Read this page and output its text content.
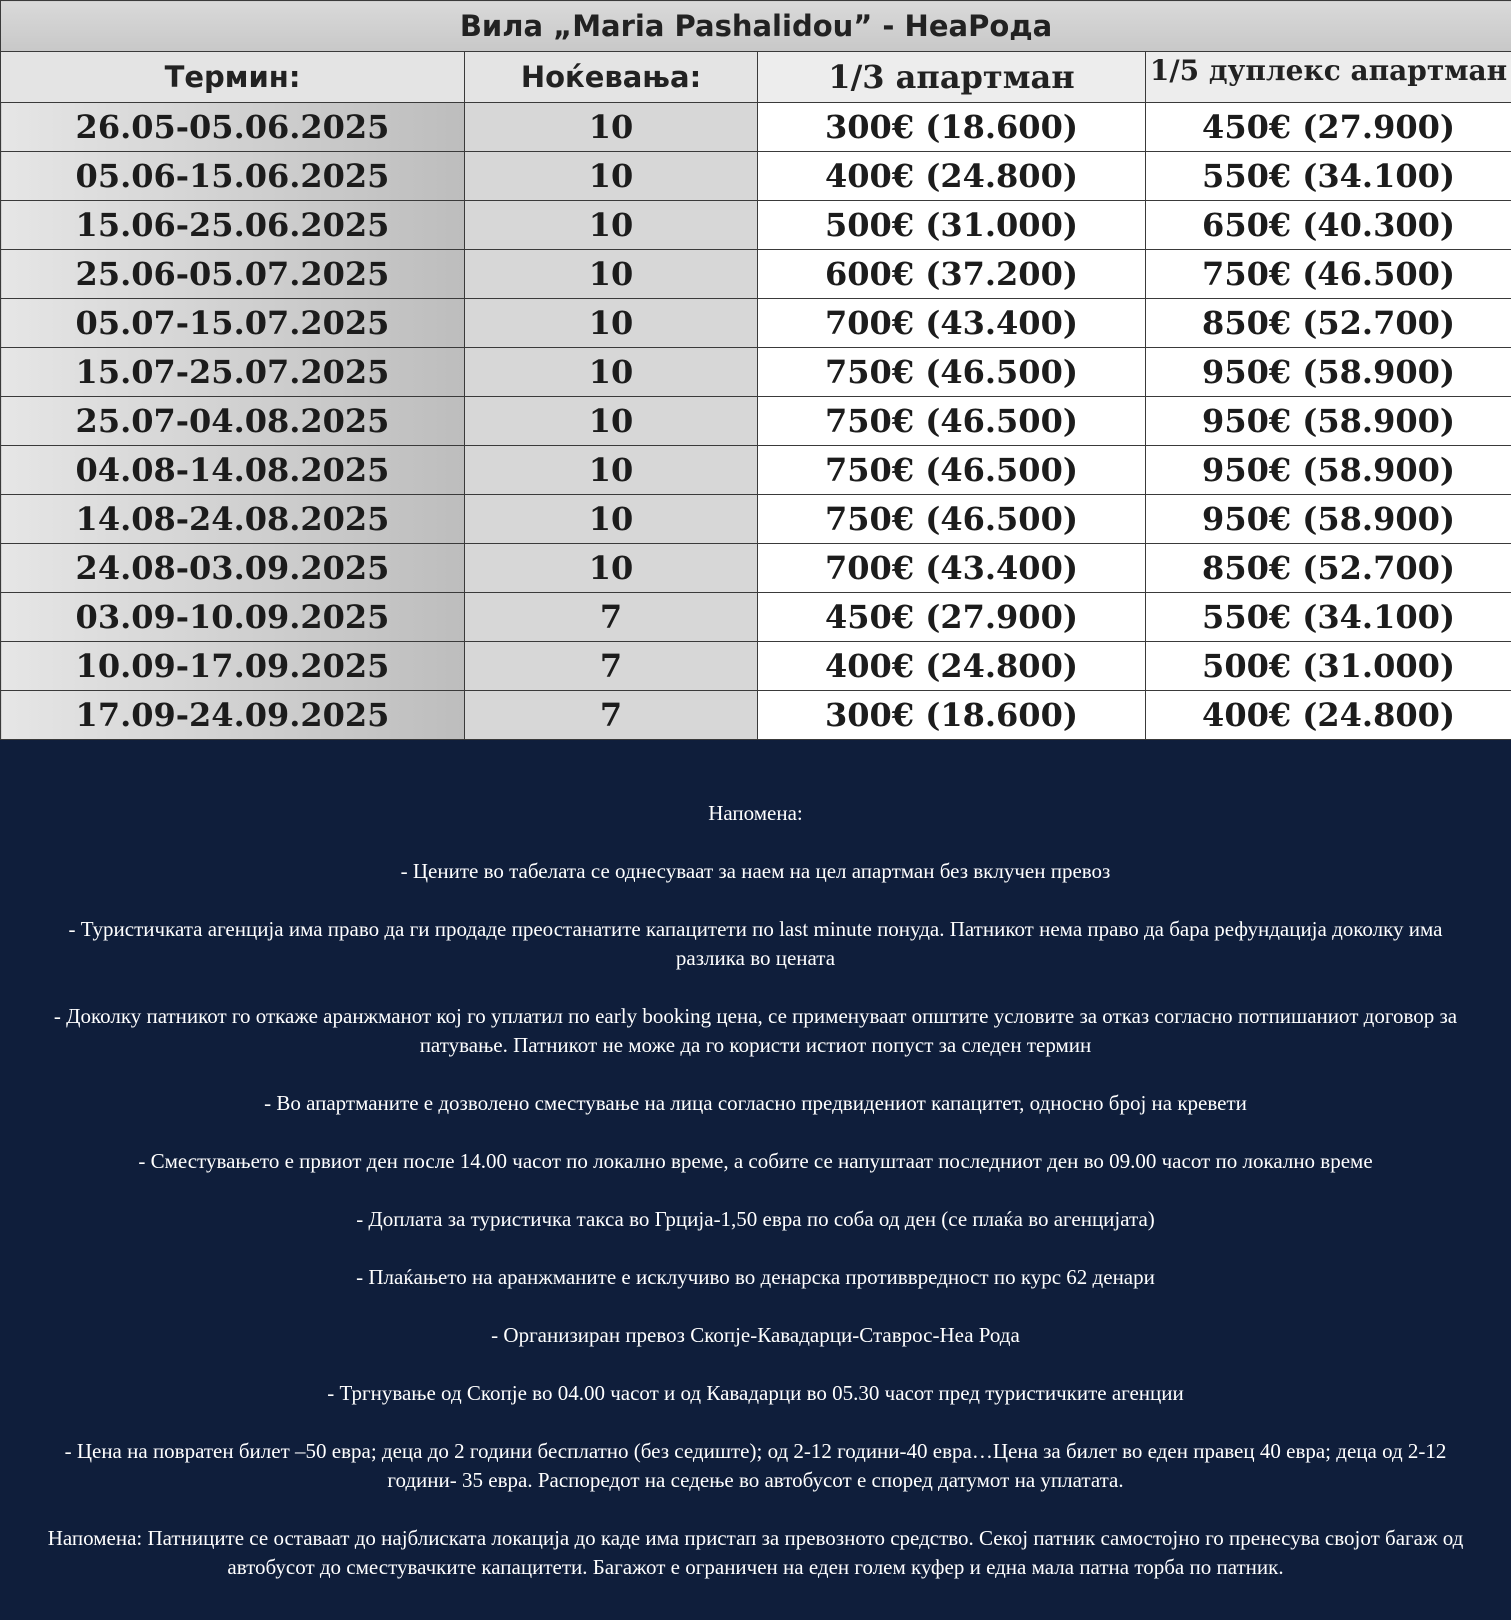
Вила „Maria Pashalidou” - НеаРода			
Термин:	Ноќевања:	1/3 апартман	1/5 дуплекс апартман
26.05-05.06.2025	10	300€ (18.600)	450€ (27.900)
05.06-15.06.2025	10	400€ (24.800)	550€ (34.100)
15.06-25.06.2025	10	500€ (31.000)	650€ (40.300)
25.06-05.07.2025	10	600€ (37.200)	750€ (46.500)
05.07-15.07.2025	10	700€ (43.400)	850€ (52.700)
15.07-25.07.2025	10	750€ (46.500)	950€ (58.900)
25.07-04.08.2025	10	750€ (46.500)	950€ (58.900)
04.08-14.08.2025	10	750€ (46.500)	950€ (58.900)
14.08-24.08.2025	10	750€ (46.500)	950€ (58.900)
24.08-03.09.2025	10	700€ (43.400)	850€ (52.700)
03.09-10.09.2025	7	450€ (27.900)	550€ (34.100)
10.09-17.09.2025	7	400€ (24.800)	500€ (31.000)
17.09-24.09.2025	7	300€ (18.600)	400€ (24.800)

Напомена:

- Цените во табелата се однесуваат за наем на цел апартман без вклучен превоз

- Туристичката агенција има право да ги продаде преостанатите капацитети по last minute понуда. Патникот нема право да бара рефундација доколку има разлика во цената

- Доколку патникот го откаже аранжманот кој го уплатил по early booking цена, се применуваат општите условите за отказ согласно потпишаниот договор за патување. Патникот не може да го користи истиот попуст за следен термин

- Во апартманите е дозволено сместување на лица согласно предвидениот капацитет, односно број на кревети

- Сместувањето е првиот ден после 14.00 часот по локално време, а собите се напуштаат последниот ден во 09.00 часот по локално време

- Доплата за туристичка такса во Грција-1,50 евра по соба од ден (се плаќа во агенцијата)

- Плаќањето на аранжманите е исклучиво во денарска противвредност по курс 62 денари

- Организиран превоз Скопје-Кавадарци-Ставрос-Неа Рода

- Тргнување од Скопје во 04.00 часот и од Кавадарци во 05.30 часот пред туристичките агенции

- Цена на повратен билет –50 евра; деца до 2 години бесплатно (без седиште); од 2-12 години-40 евра…Цена за билет во еден правец 40 евра; деца од 2-12 години- 35 евра. Распоредот на седење во автобусот е според датумот на уплатата.

Напомена: Патниците се оставаат до најблиската локација до каде има пристап за превозното средство. Секој патник самостојно го пренесува својот багаж од автобусот до сместувачките капацитети. Багажот е ограничен на еден голем куфер и една мала патна торба по патник.
